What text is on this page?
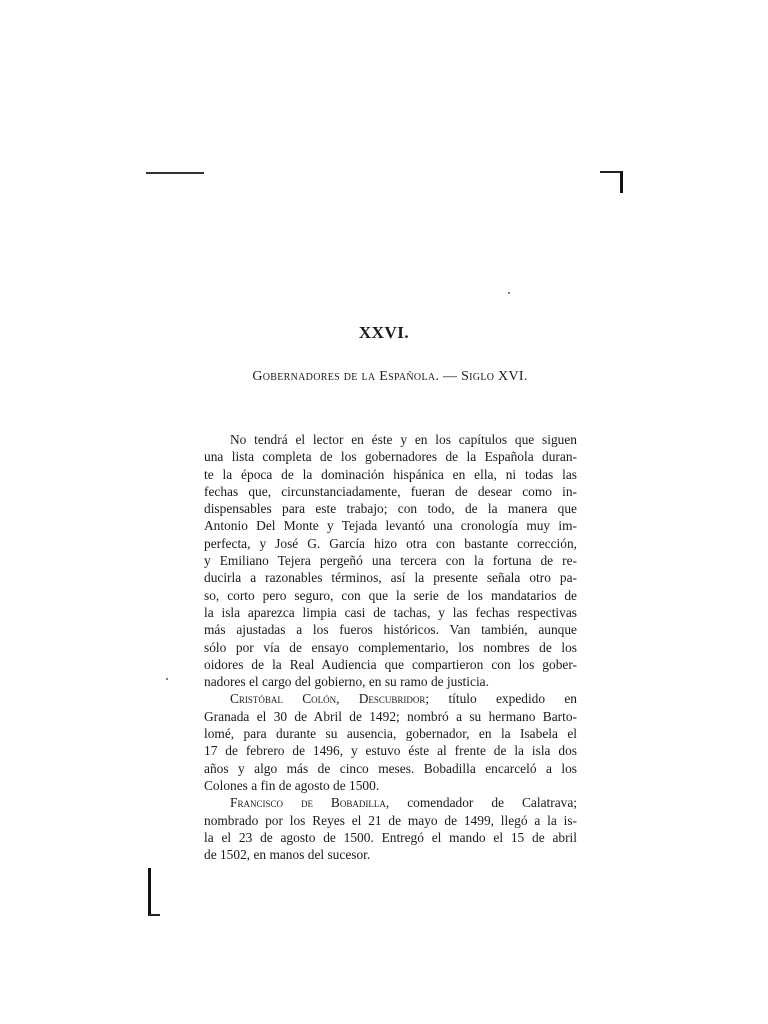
XXVI.
Gobernadores de la Española. — Siglo XVI.
No tendrá el lector en éste y en los capítulos que siguen
una lista completa de los gobernadores de la Española duran-
te la época de la dominación hispánica en ella, ni todas las
fechas que, circunstanciadamente, fueran de desear como in-
dispensables para este trabajo; con todo, de la manera que
Antonio Del Monte y Tejada levantó una cronología muy im-
perfecta, y José G. García hizo otra con bastante corrección,
y Emiliano Tejera pergeñó una tercera con la fortuna de re-
ducirla a razonables términos, así la presente señala otro pa-
so, corto pero seguro, con que la serie de los mandatarios de
la isla aparezca limpia casi de tachas, y las fechas respectivas
más ajustadas a los fueros históricos. Van también, aunque
sólo por vía de ensayo complementario, los nombres de los
oidores de la Real Audiencia que compartieron con los gober-
nadores el cargo del gobierno, en su ramo de justicia.
Cristóbal Colón, Descubridor; título expedido en
Granada el 30 de Abril de 1492; nombró a su hermano Barto-
lomé, para durante su ausencia, gobernador, en la Isabela el
17 de febrero de 1496, y estuvo éste al frente de la isla dos
años y algo más de cinco meses. Bobadilla encarceló a los
Colones a fin de agosto de 1500.
Francisco de Bobadilla, comendador de Calatrava;
nombrado por los Reyes el 21 de mayo de 1499, llegó a la is-
la el 23 de agosto de 1500. Entregó el mando el 15 de abril
de 1502, en manos del sucesor.
